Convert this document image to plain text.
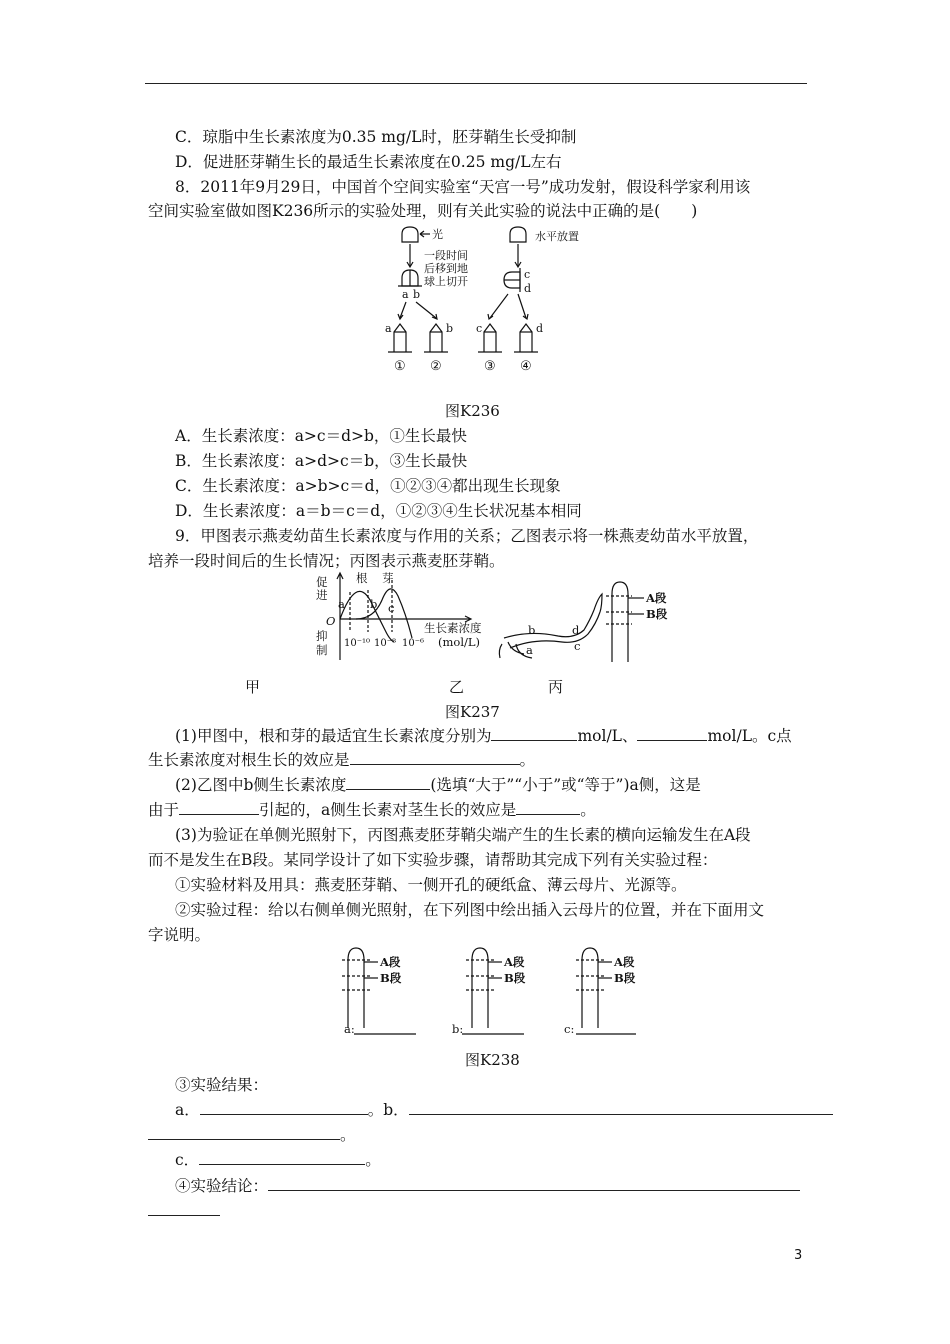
C．琼脂中生长素浓度为0.35 mg/L时，胚芽鞘生长受抑制
D．促进胚芽鞘生长的最适生长素浓度在0.25 mg/L左右
8．2011年9月29日，中国首个空间实验室“天宫一号”成功发射，假设科学家利用该
空间实验室做如图K236所示的实验处理，则有关此实验的说法中正确的是(　　)
光	水平放置
一段时间
后移到地
球上切开
a b
c
d
a	b c	d
① ②	③ ④
图K236
A．生长素浓度：a>c＝d>b，①生长最快
B．生长素浓度：a>d>c＝b，③生长最快
C．生长素浓度：a>b>c＝d，①②③④都出现生长现象
D．生长素浓度：a＝b＝c＝d，①②③④生长状况基本相同
9．甲图表示燕麦幼苗生长素浓度与作用的关系；乙图表示将一株燕麦幼苗水平放置，
培养一段时间后的生长情况；丙图表示燕麦胚芽鞘。
促
进
抑
制
O
根 芽
a b c
生长素浓度
(mol/L)
10⁻¹⁰ 10⁻⁸ 10⁻⁶
b
a
d
c
A段
B段
甲	乙	丙
图K237
(1)甲图中，根和芽的最适宜生长素浓度分别为	mol/L、	mol/L。c点
生长素浓度对根生长的效应是	。
(2)乙图中b侧生长素浓度	(选填“大于”“小于”或“等于”)a侧，这是
由于	引起的，a侧生长素对茎生长的效应是	。
(3)为验证在单侧光照射下，丙图燕麦胚芽鞘尖端产生的生长素的横向运输发生在A段
而不是发生在B段。某同学设计了如下实验步骤，请帮助其完成下列有关实验过程：
①实验材料及用具：燕麦胚芽鞘、一侧开孔的硬纸盒、薄云母片、光源等。
②实验过程：给以右侧单侧光照射，在下列图中绘出插入云母片的位置，并在下面用文
字说明。
A段
B段
A段
B段
A段
B段
a:	b:	c:
图K238
③实验结果：
a．	。b．
。
c．	。
④实验结论：
3
